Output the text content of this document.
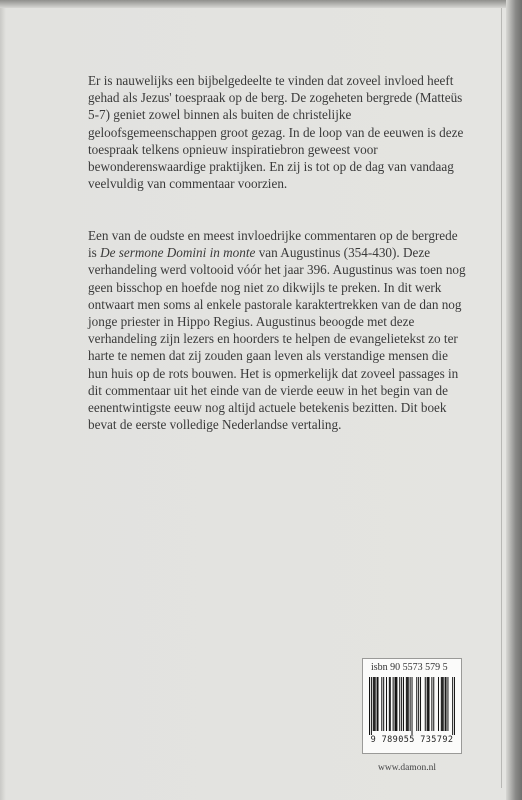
Er is nauwelijks een bijbelgedeelte te vinden dat zoveel invloed heeft gehad als Jezus' toespraak op de berg. De zogeheten bergrede (Matteüs 5-7) geniet zowel binnen als buiten de christelijke geloofsgemeenschappen groot gezag. In de loop van de eeuwen is deze toespraak telkens opnieuw inspiratiebron geweest voor bewonderenswaardige praktijken. En zij is tot op de dag van vandaag veelvuldig van commentaar voorzien.
Een van de oudste en meest invloedrijke commentaren op de bergrede is De sermone Domini in monte van Augustinus (354-430). Deze verhandeling werd voltooid vóór het jaar 396. Augustinus was toen nog geen bisschop en hoefde nog niet zo dikwijls te preken. In dit werk ontwaart men soms al enkele pastorale karaktertrekken van de dan nog jonge priester in Hippo Regius. Augustinus beoogde met deze verhandeling zijn lezers en hoorders te helpen de evangelietekst zo ter harte te nemen dat zij zouden gaan leven als verstandige mensen die hun huis op de rots bouwen. Het is opmerkelijk dat zoveel passages in dit commentaar uit het einde van de vierde eeuw in het begin van de eenentwintigste eeuw nog altijd actuele betekenis bezitten. Dit boek bevat de eerste volledige Nederlandse vertaling.
isbn 90 5573 579 5
9 789055 735792
www.damon.nl
